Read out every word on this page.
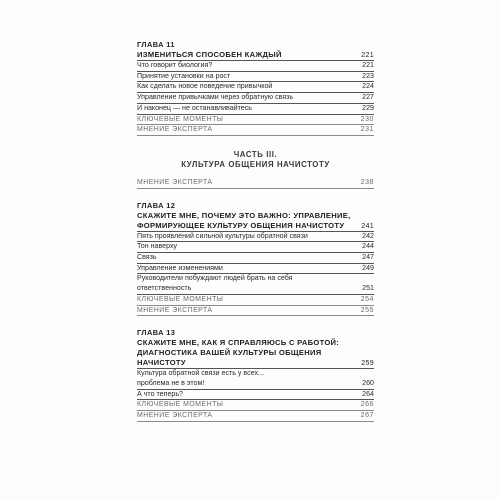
ГЛАВА 11
ИЗМЕНИТЬСЯ СПОСОБЕН КАЖДЫЙ	221
Что говорит биология?	221
Принятие установки на рост	223
Как сделать новое поведение привычкой	224
Управление привычками через обратную связь	227
И наконец — не останавливайтесь	229
КЛЮЧЕВЫЕ МОМЕНТЫ	230
МНЕНИЕ ЭКСПЕРТА	231
ЧАСТЬ III.
КУЛЬТУРА ОБЩЕНИЯ НАЧИСТОТУ
МНЕНИЕ ЭКСПЕРТА	238
ГЛАВА 12
СКАЖИТЕ МНЕ, ПОЧЕМУ ЭТО ВАЖНО: УПРАВЛЕНИЕ,
ФОРМИРУЮЩЕЕ КУЛЬТУРУ ОБЩЕНИЯ НАЧИСТОТУ 241
Пять проявлений сильной культуры обратной связи	242
Тон наверху	244
Связь	247
Управление изменениями	249
Руководители побуждают людей брать на себя
ответственность	251
КЛЮЧЕВЫЕ МОМЕНТЫ	254
МНЕНИЕ ЭКСПЕРТА	255
ГЛАВА 13
СКАЖИТЕ МНЕ, КАК Я СПРАВЛЯЮСЬ С РАБОТОЙ:
ДИАГНОСТИКА ВАШЕЙ КУЛЬТУРЫ ОБЩЕНИЯ
НАЧИСТОТУ	259
Культура обратной связи есть у всех...
проблема не в этом!	260
А что теперь?	264
КЛЮЧЕВЫЕ МОМЕНТЫ	266
МНЕНИЕ ЭКСПЕРТА	267
